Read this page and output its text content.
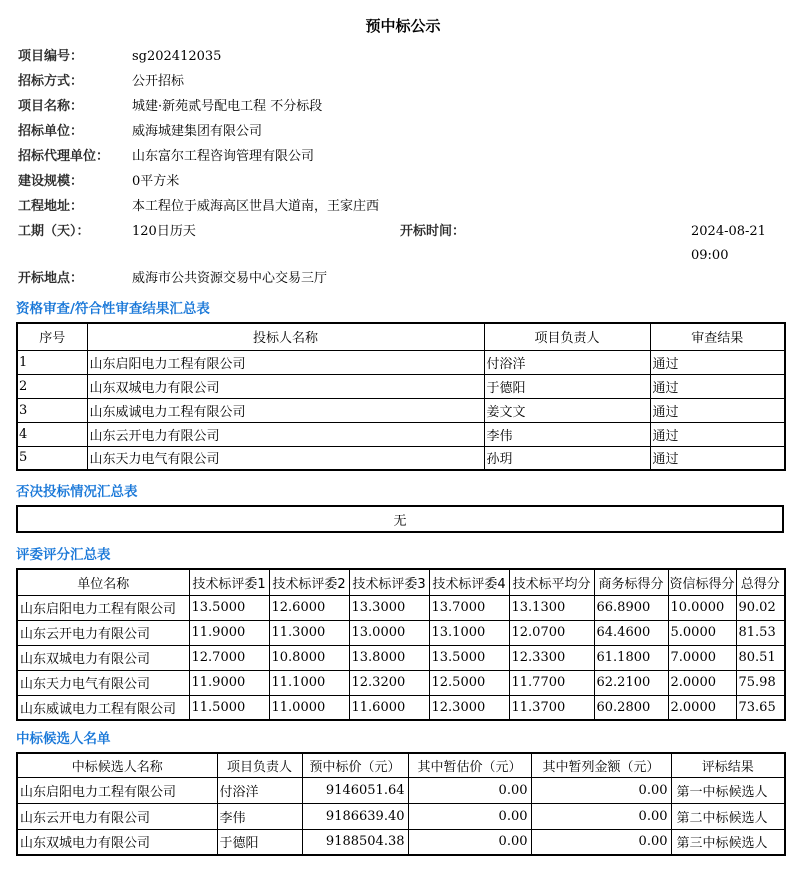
预中标公示
项目编号：	sg202412035
招标方式：	公开招标
项目名称：	城建·新苑贰号配电工程 不分标段
招标单位：	威海城建集团有限公司
招标代理单位：	山东富尔工程咨询管理有限公司
建设规模：	0平方米
工程地址：	本工程位于威海高区世昌大道南，王家庄西
工期（天）：	120日历天	开标时间：	2024-08-21
09:00
开标地点：	威海市公共资源交易中心交易三厅
资格审查/符合性审查结果汇总表
序号	投标人名称	项目负责人	审查结果
1	山东启阳电力工程有限公司	付浴洋	通过
2	山东双城电力有限公司	于德阳	通过
3	山东威诚电力工程有限公司	姜文文	通过
4	山东云开电力有限公司	李伟	通过
5	山东天力电气有限公司	孙玥	通过
否决投标情况汇总表
无
评委评分汇总表
单位名称	技术标评委1	技术标评委2	技术标评委3	技术标评委4	技术标平均分	商务标得分	资信标得分	总得分
山东启阳电力工程有限公司	13.5000	12.6000	13.3000	13.7000	13.1300	66.8900	10.0000	90.02
山东云开电力有限公司	11.9000	11.3000	13.0000	13.1000	12.0700	64.4600	5.0000	81.53
山东双城电力有限公司	12.7000	10.8000	13.8000	13.5000	12.3300	61.1800	7.0000	80.51
山东天力电气有限公司	11.9000	11.1000	12.3200	12.5000	11.7700	62.2100	2.0000	75.98
山东威诚电力工程有限公司	11.5000	11.0000	11.6000	12.3000	11.3700	60.2800	2.0000	73.65
中标候选人名单
中标候选人名称	项目负责人	预中标价（元）	其中暂估价（元）	其中暂列金额（元）	评标结果
山东启阳电力工程有限公司	付浴洋	9146051.64	0.00	0.00	第一中标候选人
山东云开电力有限公司	李伟	9186639.40	0.00	0.00	第二中标候选人
山东双城电力有限公司	于德阳	9188504.38	0.00	0.00	第三中标候选人
